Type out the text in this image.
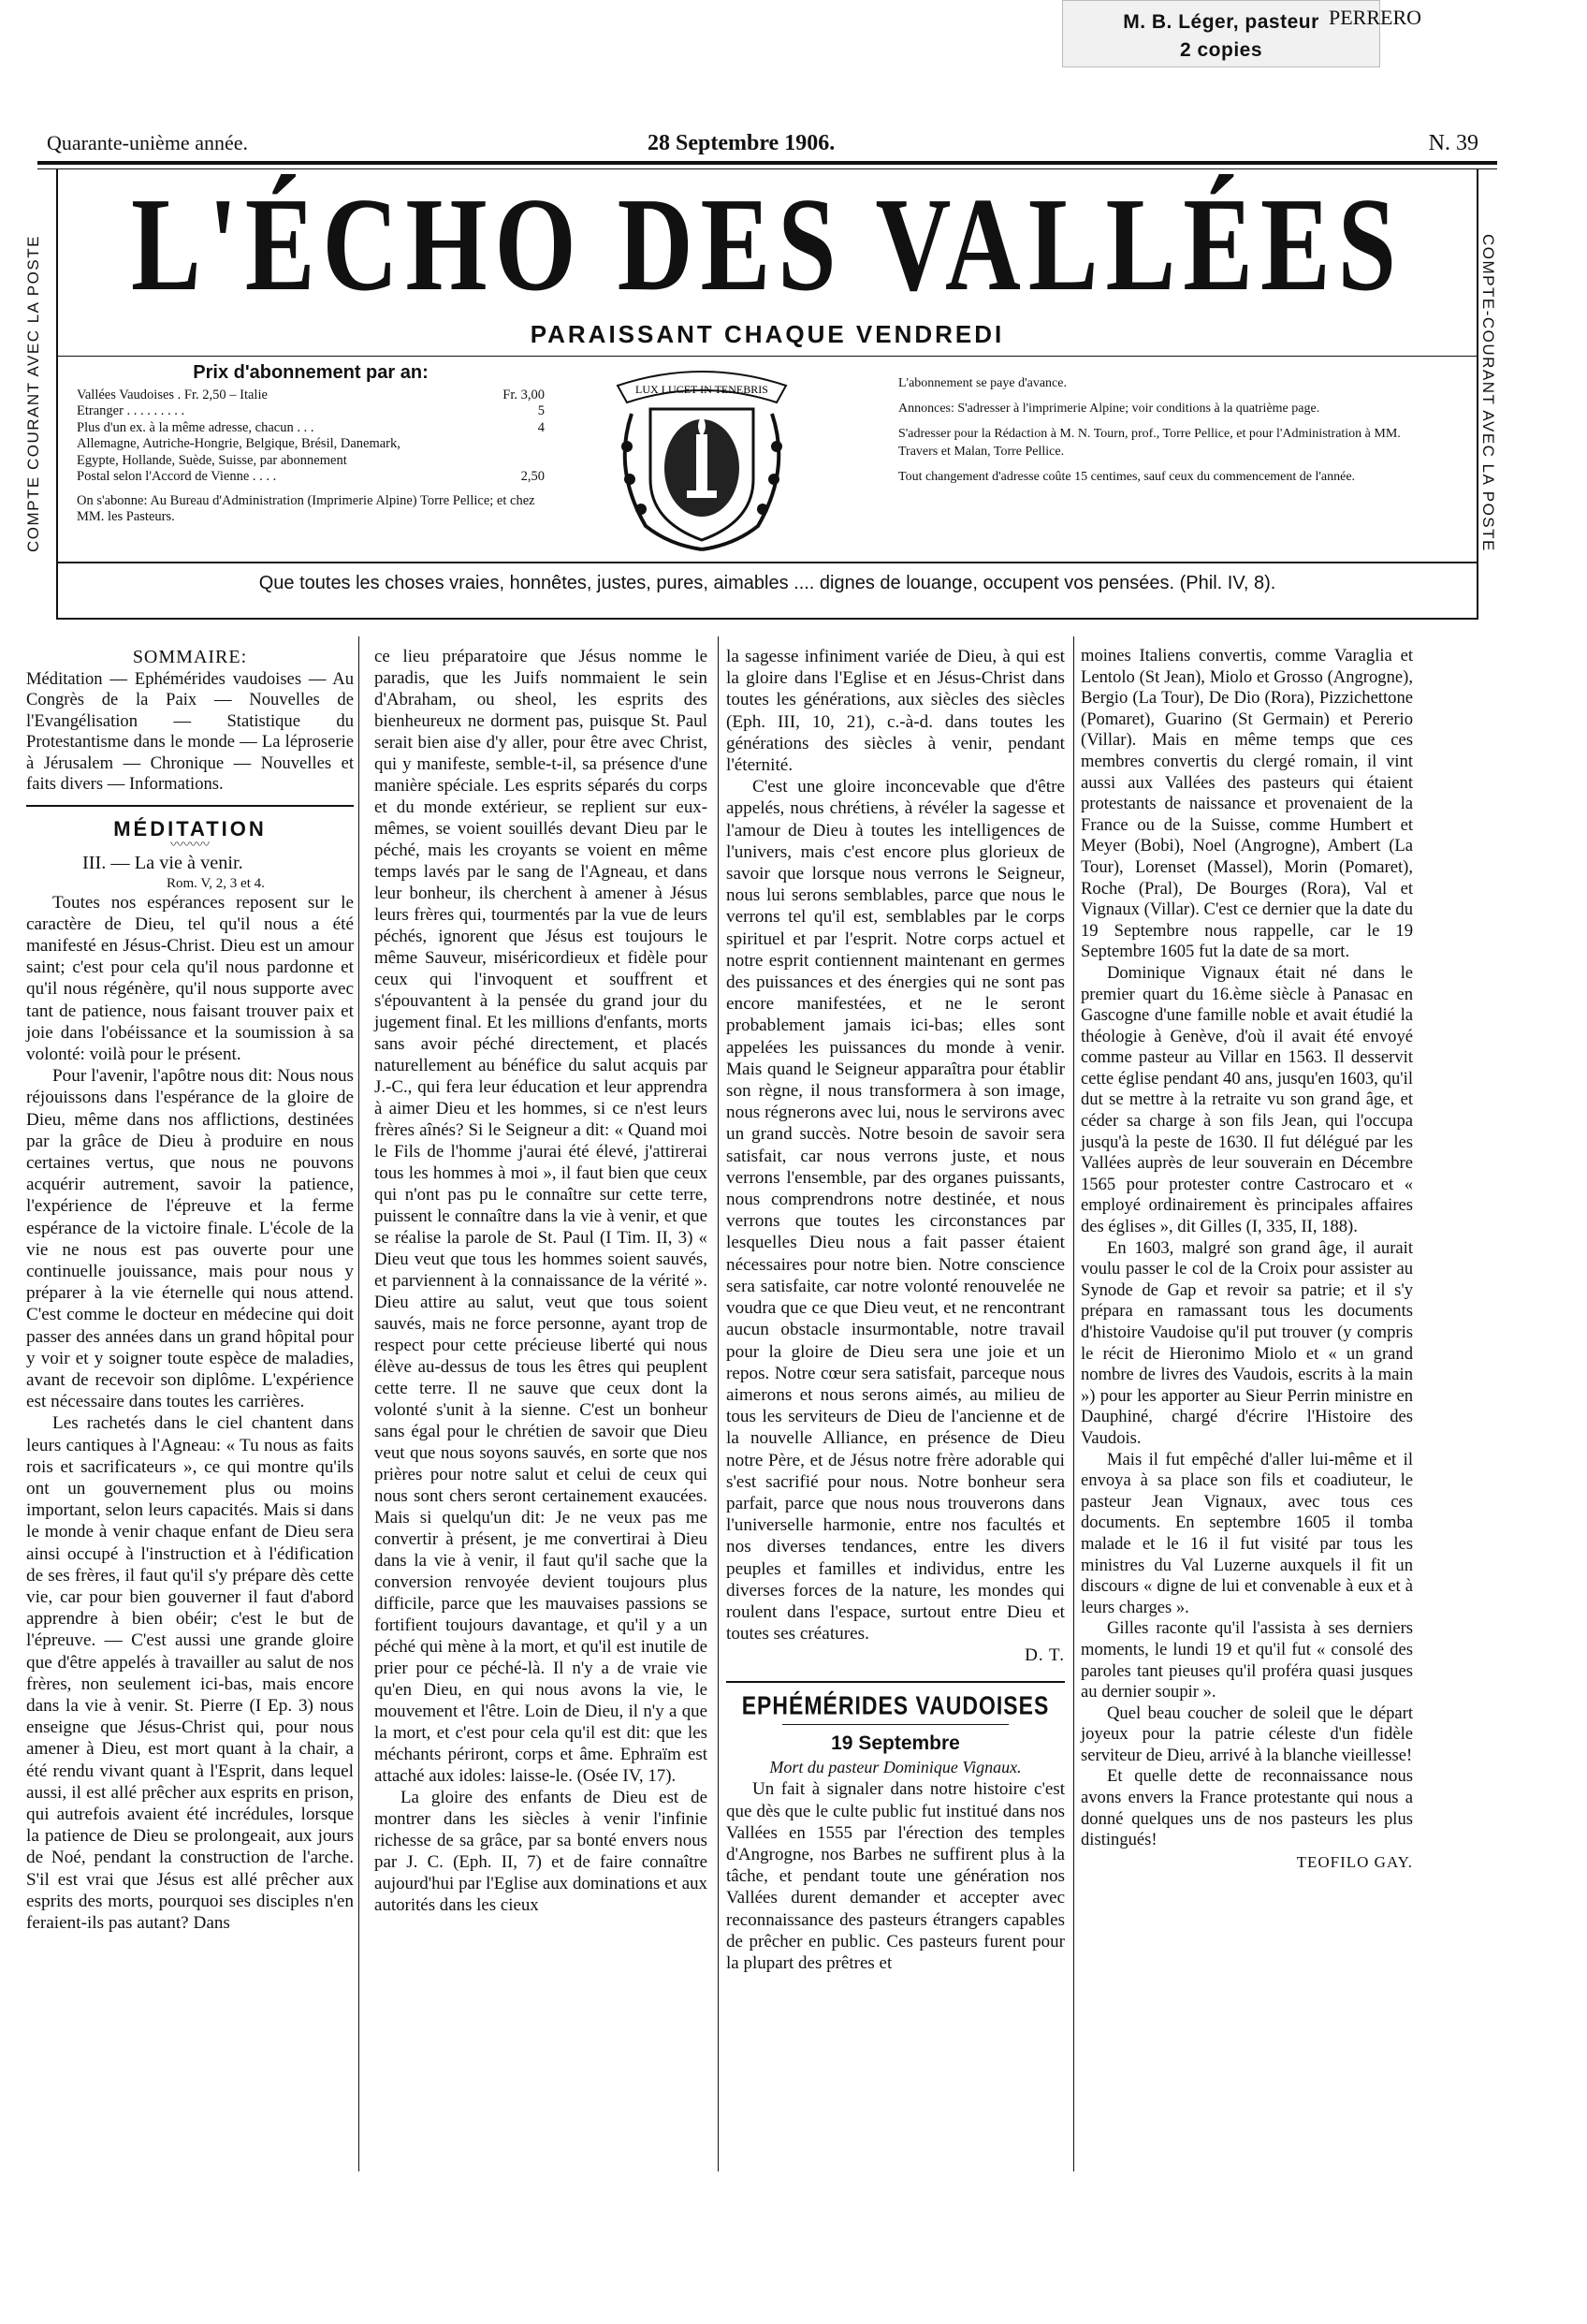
M. B. Léger, pasteur
2 copies
PERRERO
Quarante-unième année.	28 Septembre 1906.	N. 39
L'ÉCHO DES VALLÉES
PARAISSANT CHAQUE VENDREDI
COMPTE COURANT AVEC LA POSTE	COMPTE-COURANT AVEC LA POSTE
Prix d'abonnement par an:
Vallées Vaudoises . Fr. 2,50 – Italie	Fr. 3,00
Etranger . . . . . . . . .	5
Plus d'un ex. à la même adresse, chacun . . .	4
Allemagne, Autriche-Hongrie, Belgique, Brésil, Danemark,
Egypte, Hollande, Suède, Suisse, par abonnement
Postal selon l'Accord de Vienne . . . .	2,50
On s'abonne: Au Bureau d'Administration (Imprimerie Alpine) Torre Pellice; et chez MM. les Pasteurs.
LUX LUCET IN TENEBRIS	L'abonnement se paye d'avance.

Annonces: S'adresser à l'imprimerie Alpine; voir conditions à la quatrième page.

S'adresser pour la Rédaction à M. N. Tourn, prof., Torre Pellice, et pour l'Administration à MM. Travers et Malan, Torre Pellice.

Tout changement d'adresse coûte 15 centimes, sauf ceux du commencement de l'année.

Que toutes les choses vraies, honnêtes, justes, pures, aimables .... dignes de louange, occupent vos pensées. (Phil. IV, 8).
SOMMAIRE:

Méditation — Ephémérides vaudoises — Au Congrès de la Paix — Nouvelles de l'Evangélisation — Statistique du Protestantisme dans le monde — La léproserie à Jérusalem — Chronique — Nouvelles et faits divers — Informations.

MÉDITATION
〰〰〰
III. — La vie à venir.
Rom. V, 2, 3 et 4.

Toutes nos espérances reposent sur le caractère de Dieu, tel qu'il nous a été manifesté en Jésus-Christ. Dieu est un amour saint; c'est pour cela qu'il nous pardonne et qu'il nous régénère, qu'il nous supporte avec tant de patience, nous faisant trouver paix et joie dans l'obéissance et la soumission à sa volonté: voilà pour le présent.

Pour l'avenir, l'apôtre nous dit: Nous nous réjouissons dans l'espérance de la gloire de Dieu, même dans nos afflictions, destinées par la grâce de Dieu à produire en nous certaines vertus, que nous ne pouvons acquérir autrement, savoir la patience, l'expérience de l'épreuve et la ferme espérance de la victoire finale. L'école de la vie ne nous est pas ouverte pour une continuelle jouissance, mais pour nous y préparer à la vie éternelle qui nous attend. C'est comme le docteur en médecine qui doit passer des années dans un grand hôpital pour y voir et y soigner toute espèce de maladies, avant de recevoir son diplôme. L'expérience est nécessaire dans toutes les carrières.

Les rachetés dans le ciel chantent dans leurs cantiques à l'Agneau: « Tu nous as faits rois et sacrificateurs », ce qui montre qu'ils ont un gouvernement plus ou moins important, selon leurs capacités. Mais si dans le monde à venir chaque enfant de Dieu sera ainsi occupé à l'instruction et à l'édification de ses frères, il faut qu'il s'y prépare dès cette vie, car pour bien gouverner il faut d'abord apprendre à bien obéir; c'est le but de l'épreuve. — C'est aussi une grande gloire que d'être appelés à travailler au salut de nos frères, non seulement ici-bas, mais encore dans la vie à venir. St. Pierre (I Ep. 3) nous enseigne que Jésus-Christ qui, pour nous amener à Dieu, est mort quant à la chair, a été rendu vivant quant à l'Esprit, dans lequel aussi, il est allé prêcher aux esprits en prison, qui autrefois avaient été incrédules, lorsque la patience de Dieu se prolongeait, aux jours de Noé, pendant la construction de l'arche. S'il est vrai que Jésus est allé prêcher aux esprits des morts, pourquoi ses disciples n'en feraient-ils pas autant? Dans

ce lieu préparatoire que Jésus nomme le paradis, que les Juifs nommaient le sein d'Abraham, ou sheol, les esprits des bienheureux ne dorment pas, puisque St. Paul serait bien aise d'y aller, pour être avec Christ, qui y manifeste, semble-t-il, sa présence d'une manière spéciale. Les esprits séparés du corps et du monde extérieur, se replient sur eux-mêmes, se voient souillés devant Dieu par le péché, mais les croyants se voient en même temps lavés par le sang de l'Agneau, et dans leur bonheur, ils cherchent à amener à Jésus leurs frères qui, tourmentés par la vue de leurs péchés, ignorent que Jésus est toujours le même Sauveur, miséricordieux et fidèle pour ceux qui l'invoquent et souffrent et s'épouvantent à la pensée du grand jour du jugement final. Et les millions d'enfants, morts sans avoir péché directement, et placés naturellement au bénéfice du salut acquis par J.-C., qui fera leur éducation et leur apprendra à aimer Dieu et les hommes, si ce n'est leurs frères aînés? Si le Seigneur a dit: « Quand moi le Fils de l'homme j'aurai été élevé, j'attirerai tous les hommes à moi », il faut bien que ceux qui n'ont pas pu le connaître sur cette terre, puissent le connaître dans la vie à venir, et que se réalise la parole de St. Paul (I Tim. II, 3) « Dieu veut que tous les hommes soient sauvés, et parviennent à la connaissance de la vérité ». Dieu attire au salut, veut que tous soient sauvés, mais ne force personne, ayant trop de respect pour cette précieuse liberté qui nous élève au-dessus de tous les êtres qui peuplent cette terre. Il ne sauve que ceux dont la volonté s'unit à la sienne. C'est un bonheur sans égal pour le chrétien de savoir que Dieu veut que nous soyons sauvés, en sorte que nos prières pour notre salut et celui de ceux qui nous sont chers seront certainement exaucées. Mais si quelqu'un dit: Je ne veux pas me convertir à présent, je me convertirai à Dieu dans la vie à venir, il faut qu'il sache que la conversion renvoyée devient toujours plus difficile, parce que les mauvaises passions se fortifient toujours davantage, et qu'il y a un péché qui mène à la mort, et qu'il est inutile de prier pour ce péché-là. Il n'y a de vraie vie qu'en Dieu, en qui nous avons la vie, le mouvement et l'être. Loin de Dieu, il n'y a que la mort, et c'est pour cela qu'il est dit: que les méchants périront, corps et âme. Ephraïm est attaché aux idoles: laisse-le. (Osée IV, 17).

La gloire des enfants de Dieu est de montrer dans les siècles à venir l'infinie richesse de sa grâce, par sa bonté envers nous par J. C. (Eph. II, 7) et de faire connaître aujourd'hui par l'Eglise aux dominations et aux autorités dans les cieux

la sagesse infiniment variée de Dieu, à qui est la gloire dans l'Eglise et en Jésus-Christ dans toutes les générations, aux siècles des siècles (Eph. III, 10, 21), c.-à-d. dans toutes les générations des siècles à venir, pendant l'éternité.

C'est une gloire inconcevable que d'être appelés, nous chrétiens, à révéler la sagesse et l'amour de Dieu à toutes les intelligences de l'univers, mais c'est encore plus glorieux de savoir que lorsque nous verrons le Seigneur, nous lui serons semblables, parce que nous le verrons tel qu'il est, semblables par le corps spirituel et par l'esprit. Notre corps actuel et notre esprit contiennent maintenant en germes des puissances et des énergies qui ne sont pas encore manifestées, et ne le seront probablement jamais ici-bas; elles sont appelées les puissances du monde à venir. Mais quand le Seigneur apparaîtra pour établir son règne, il nous transformera à son image, nous régnerons avec lui, nous le servirons avec un grand succès. Notre besoin de savoir sera satisfait, car nous verrons juste, et nous verrons l'ensemble, par des organes puissants, nous comprendrons notre destinée, et nous verrons que toutes les circonstances par lesquelles Dieu nous a fait passer étaient nécessaires pour notre bien. Notre conscience sera satisfaite, car notre volonté renouvelée ne voudra que ce que Dieu veut, et ne rencontrant aucun obstacle insurmontable, notre travail pour la gloire de Dieu sera une joie et un repos. Notre cœur sera satisfait, parceque nous aimerons et nous serons aimés, au milieu de tous les serviteurs de Dieu de l'ancienne et de la nouvelle Alliance, en présence de Dieu notre Père, et de Jésus notre frère adorable qui s'est sacrifié pour nous. Notre bonheur sera parfait, parce que nous nous trouverons dans l'universelle harmonie, entre nos facultés et nos diverses tendances, entre les divers peuples et familles et individus, entre les diverses forces de la nature, les mondes qui roulent dans l'espace, surtout entre Dieu et toutes ses créatures.

D. T.
EPHÉMÉRIDES VAUDOISES
19 Septembre
Mort du pasteur Dominique Vignaux.

Un fait à signaler dans notre histoire c'est que dès que le culte public fut institué dans nos Vallées en 1555 par l'érection des temples d'Angrogne, nos Barbes ne suffirent plus à la tâche, et pendant toute une génération nos Vallées durent demander et accepter avec reconnaissance des pasteurs étrangers capables de prêcher en public. Ces pasteurs furent pour la plupart des prêtres et

moines Italiens convertis, comme Varaglia et Lentolo (St Jean), Miolo et Grosso (Angrogne), Bergio (La Tour), De Dio (Rora), Pizzichettone (Pomaret), Guarino (St Germain) et Pererio (Villar). Mais en même temps que ces membres convertis du clergé romain, il vint aussi aux Vallées des pasteurs qui étaient protestants de naissance et provenaient de la France ou de la Suisse, comme Humbert et Meyer (Bobi), Noel (Angrogne), Ambert (La Tour), Lorenset (Massel), Morin (Pomaret), Roche (Pral), De Bourges (Rora), Val et Vignaux (Villar). C'est ce dernier que la date du 19 Septembre nous rappelle, car le 19 Septembre 1605 fut la date de sa mort.

Dominique Vignaux était né dans le premier quart du 16.ème siècle à Panasac en Gascogne d'une famille noble et avait étudié la théologie à Genève, d'où il avait été envoyé comme pasteur au Villar en 1563. Il desservit cette église pendant 40 ans, jusqu'en 1603, qu'il dut se mettre à la retraite vu son grand âge, et céder sa charge à son fils Jean, qui l'occupa jusqu'à la peste de 1630. Il fut délégué par les Vallées auprès de leur souverain en Décembre 1565 pour protester contre Castrocaro et « employé ordinairement ès principales affaires des églises », dit Gilles (I, 335, II, 188).

En 1603, malgré son grand âge, il aurait voulu passer le col de la Croix pour assister au Synode de Gap et revoir sa patrie; et il s'y prépara en ramassant tous les documents d'histoire Vaudoise qu'il put trouver (y compris le récit de Hieronimo Miolo et « un grand nombre de livres des Vaudois, escrits à la main ») pour les apporter au Sieur Perrin ministre en Dauphiné, chargé d'écrire l'Histoire des Vaudois.

Mais il fut empêché d'aller lui-même et il envoya à sa place son fils et coadiuteur, le pasteur Jean Vignaux, avec tous ces documents. En septembre 1605 il tomba malade et le 16 il fut visité par tous les ministres du Val Luzerne auxquels il fit un discours « digne de lui et convenable à eux et à leurs charges ».

Gilles raconte qu'il l'assista à ses derniers moments, le lundi 19 et qu'il fut « consolé des paroles tant pieuses qu'il proféra quasi jusques au dernier soupir ».

Quel beau coucher de soleil que le départ joyeux pour la patrie céleste d'un fidèle serviteur de Dieu, arrivé à la blanche vieillesse!

Et quelle dette de reconnaissance nous avons envers la France protestante qui nous a donné quelques uns de nos pasteurs les plus distingués!

TEOFILO GAY.
